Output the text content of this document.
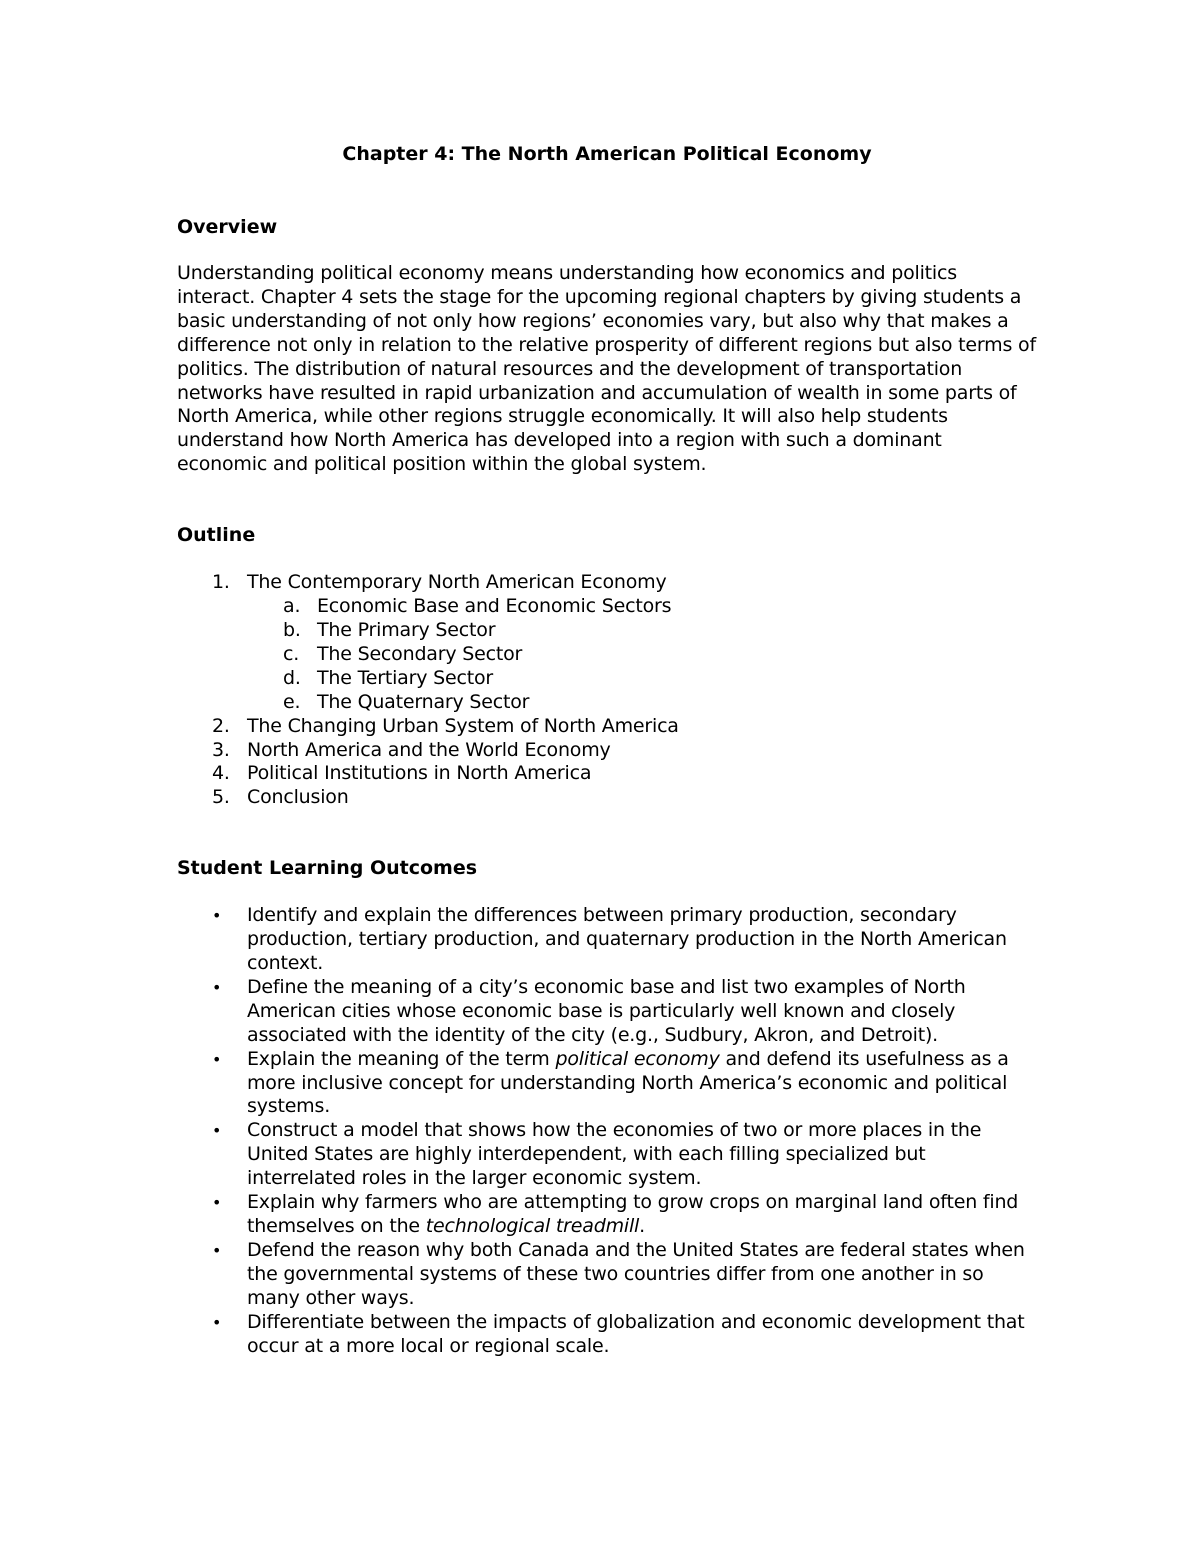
Chapter 4: The North American Political Economy
Overview

Understanding political economy means understanding how economics and politics interact. Chapter 4 sets the stage for the upcoming regional chapters by giving students a basic understanding of not only how regions’ economies vary, but also why that makes a difference not only in relation to the relative prosperity of different regions but also terms of politics. The distribution of natural resources and the development of transportation networks have resulted in rapid urbanization and accumulation of wealth in some parts of North America, while other regions struggle economically. It will also help students understand how North America has developed into a region with such a dominant economic and political position within the global system.

Outline
1. The Contemporary North American Economy
a. Economic Base and Economic Sectors
b. The Primary Sector
c. The Secondary Sector
d. The Tertiary Sector
e. The Quaternary Sector
2. The Changing Urban System of North America
3. North America and the World Economy
4. Political Institutions in North America
5. Conclusion
Student Learning Outcomes
• Identify and explain the differences between primary production, secondary production, tertiary production, and quaternary production in the North American context.
• Define the meaning of a city’s economic base and list two examples of North American cities whose economic base is particularly well known and closely associated with the identity of the city (e.g., Sudbury, Akron, and Detroit).
• Explain the meaning of the term political economy and defend its usefulness as a more inclusive concept for understanding North America’s economic and political systems.
• Construct a model that shows how the economies of two or more places in the United States are highly interdependent, with each filling specialized but interrelated roles in the larger economic system.
• Explain why farmers who are attempting to grow crops on marginal land often find themselves on the technological treadmill.
• Defend the reason why both Canada and the United States are federal states when the governmental systems of these two countries differ from one another in so many other ways.
• Differentiate between the impacts of globalization and economic development that occur at a more local or regional scale.
